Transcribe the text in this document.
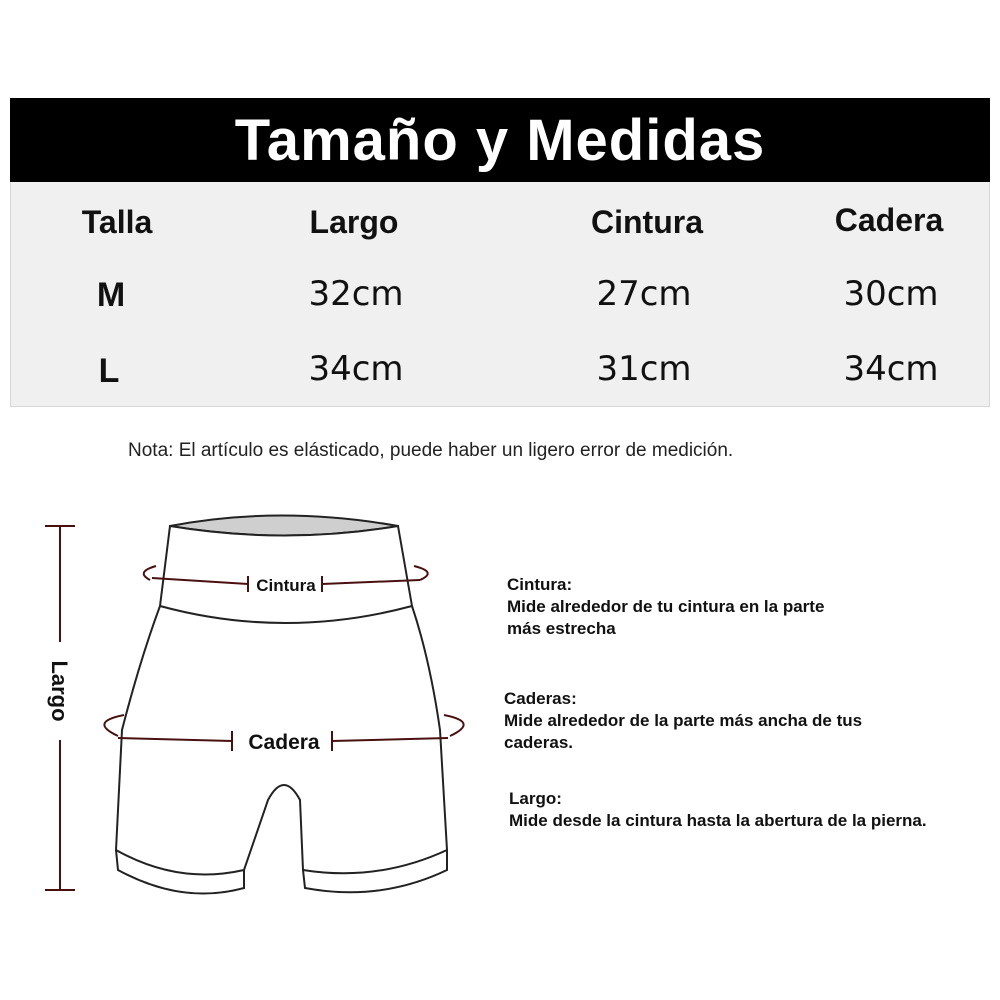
Tamaño y Medidas
Talla	Largo	Cintura	Cadera
M	32cm	27cm	30cm
L	34cm	31cm	34cm
Nota: El artículo es elásticado, puede haber un ligero error de medición.
Cintura
Cadera
Largo
Cintura:
Mide alrededor de tu cintura en la parte
más estrecha
Caderas:
Mide alrededor de la parte más ancha de tus
caderas.
Largo:
Mide desde la cintura hasta la abertura de la pierna.
